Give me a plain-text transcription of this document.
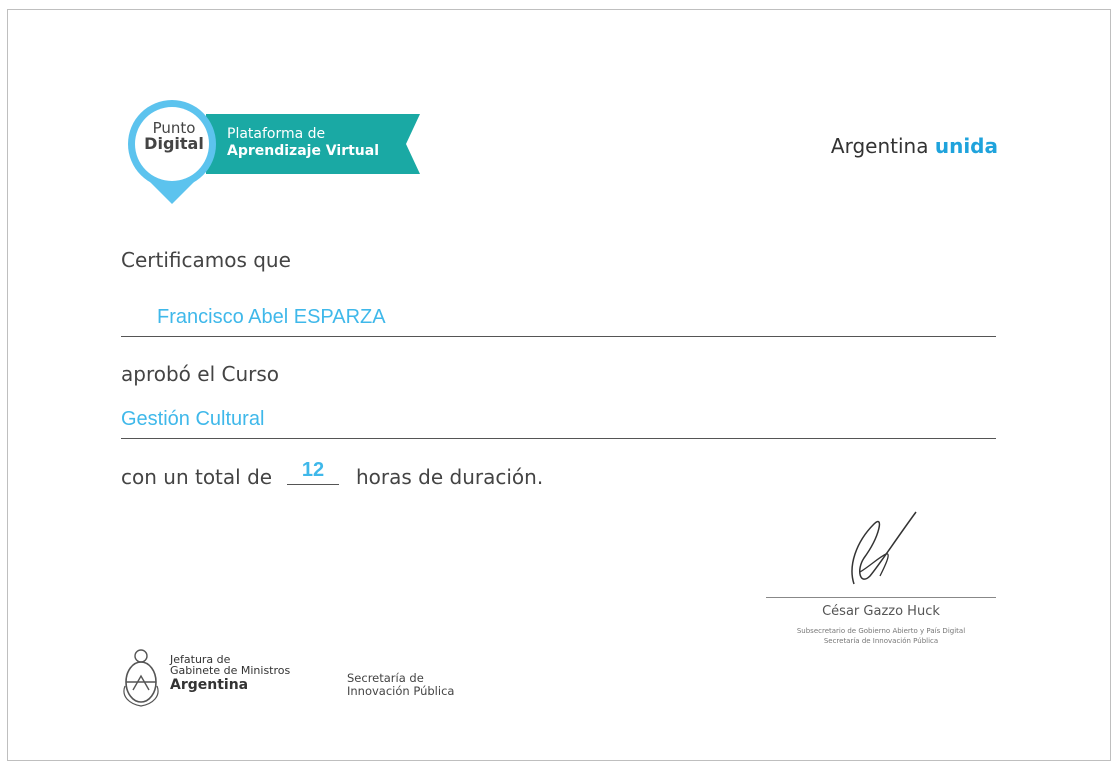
Punto
Digital	Plataforma de
Aprendizaje Virtual	Argentina unida
Certificamos que
Francisco Abel ESPARZA
aprobó el Curso
Gestión Cultural
con un total de	12	horas de duración.
César Gazzo Huck
Subsecretario de Gobierno Abierto y País Digital
Secretaría de Innovación Pública
Jefatura de
Gabinete de Ministros
Argentina	Secretaría de
Innovación Pública
